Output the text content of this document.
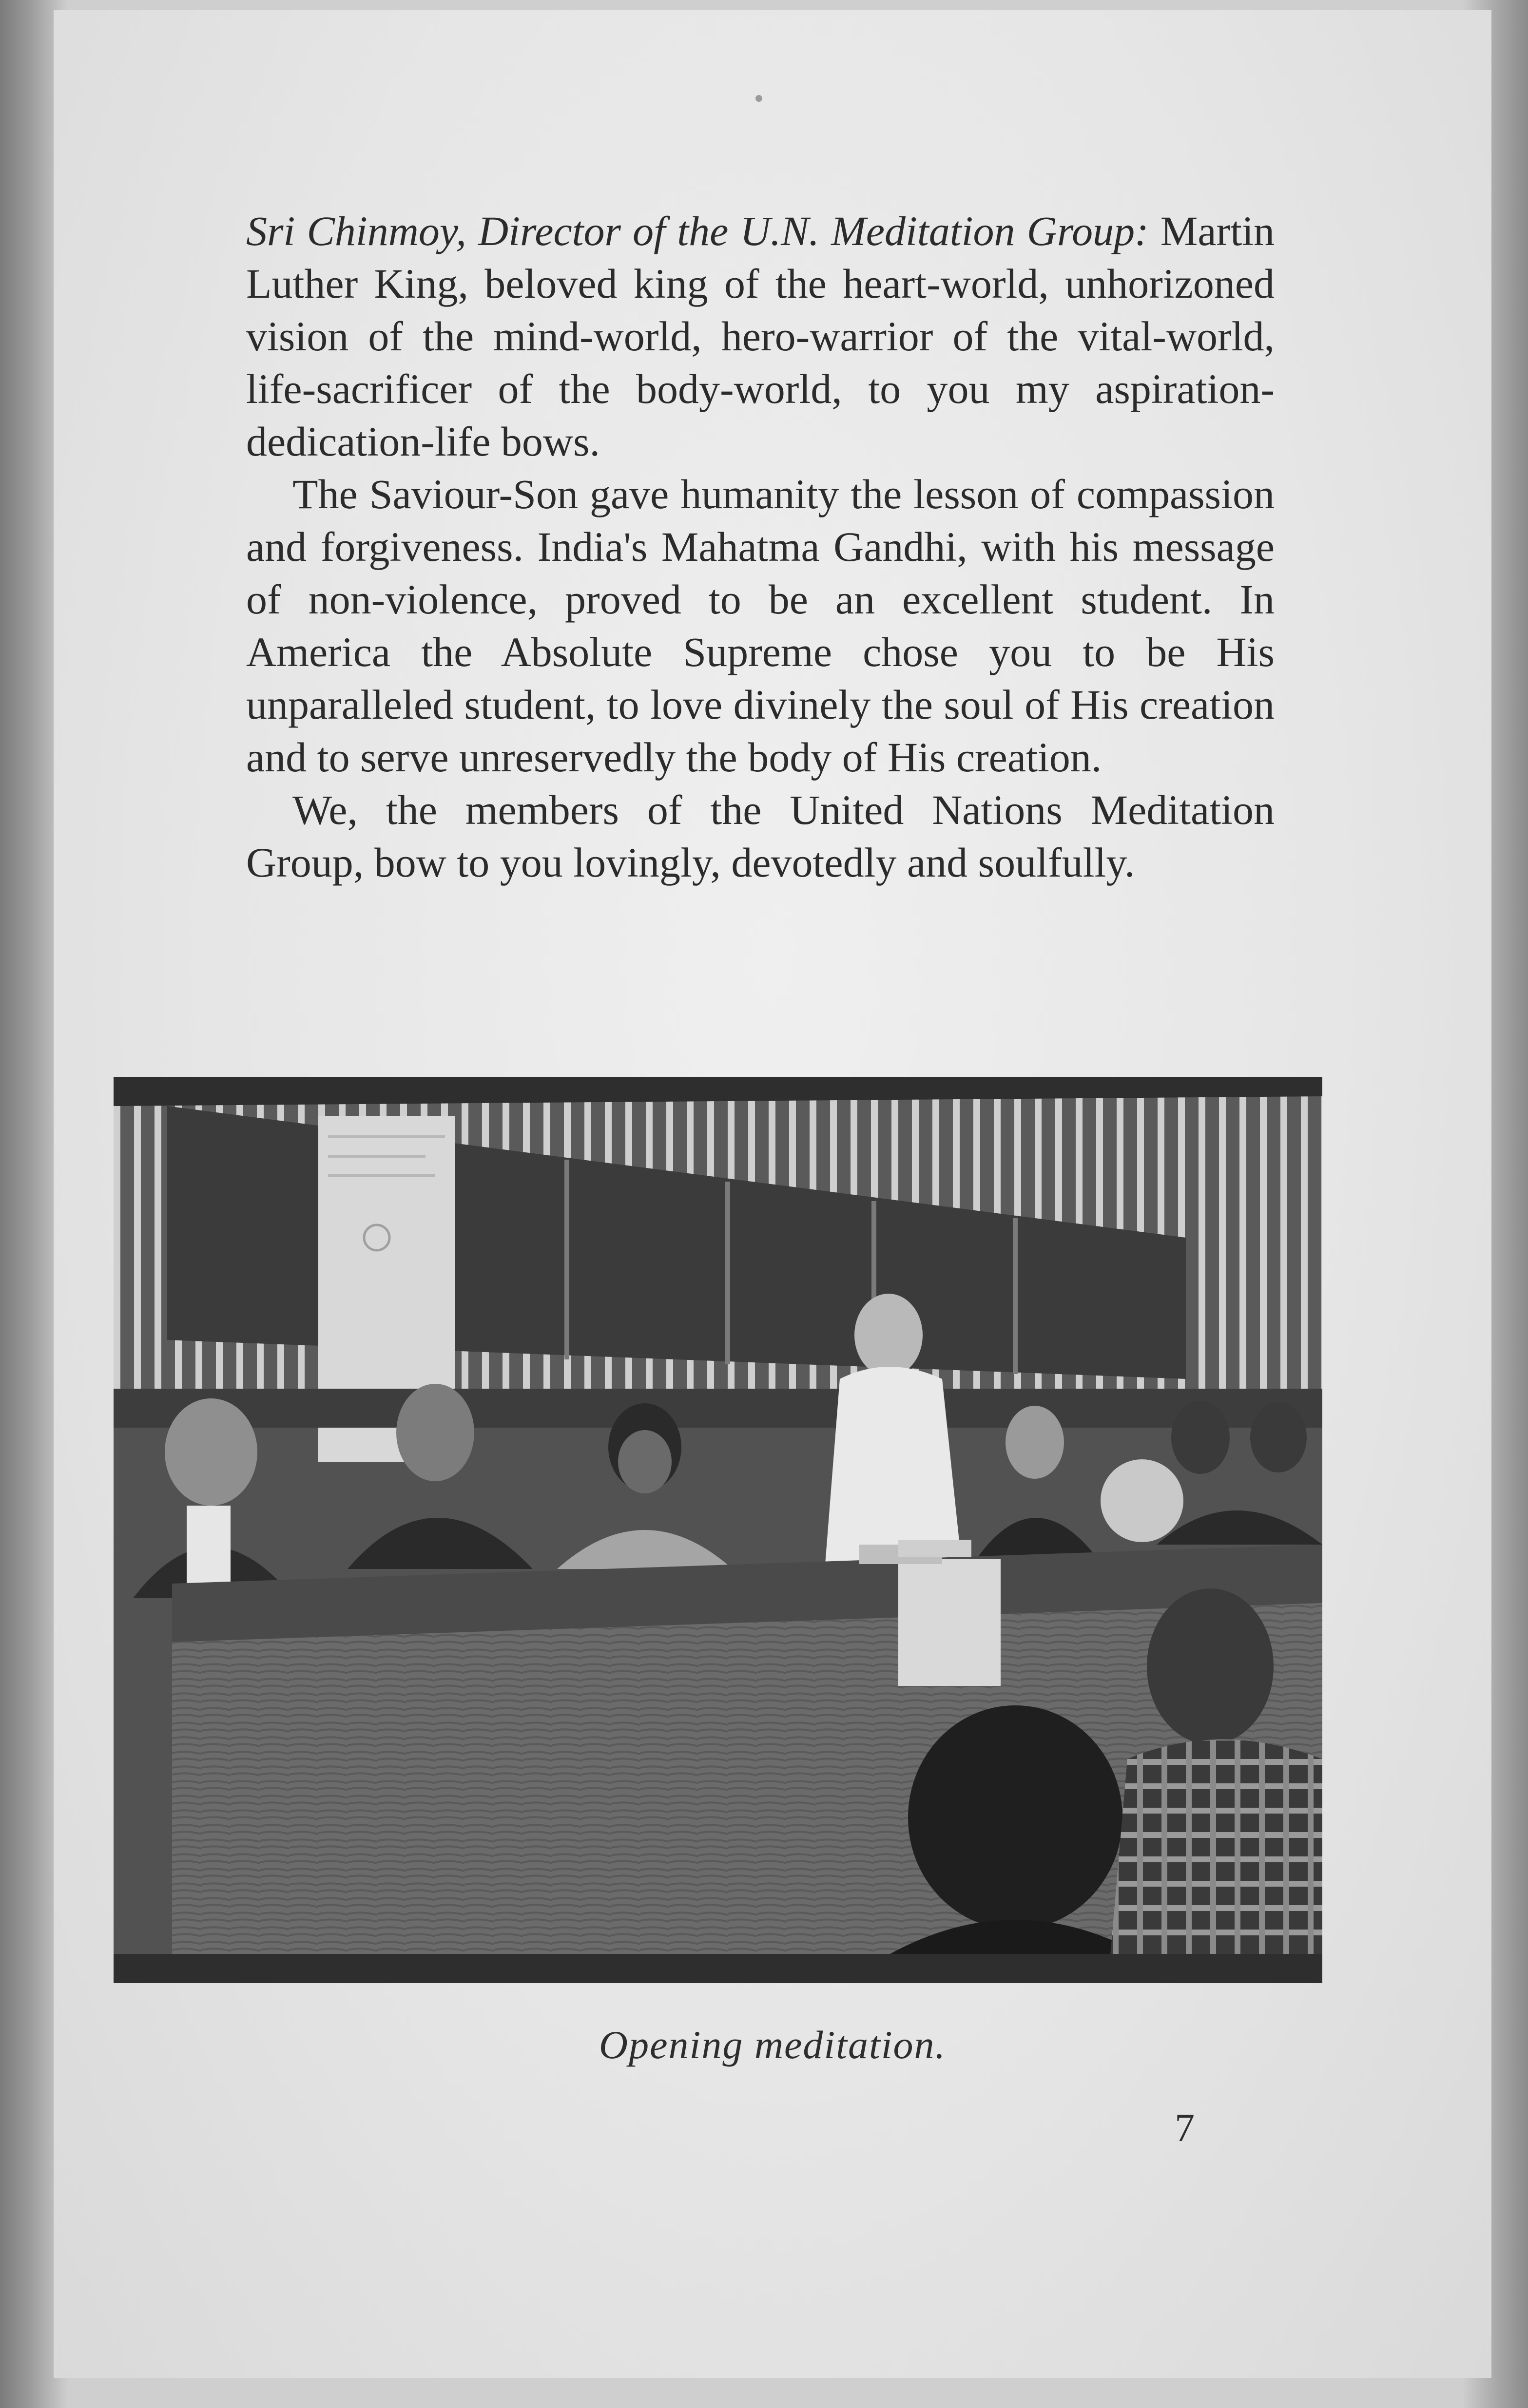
Sri Chinmoy, Director of the U.N. Meditation Group: Martin Luther King, beloved king of the heart-world, unhorizoned vision of the mind-world, hero-warrior of the vital-world, life-sacrificer of the body-world, to you my aspiration-dedication-life bows.

The Saviour-Son gave humanity the lesson of compassion and forgiveness. India's Mahatma Gandhi, with his message of non-violence, proved to be an excellent student. In America the Absolute Supreme chose you to be His unparalleled student, to love divinely the soul of His creation and to serve unreservedly the body of His creation.

We, the members of the United Nations Meditation Group, bow to you lovingly, devotedly and soulfully.

Opening meditation.
7
